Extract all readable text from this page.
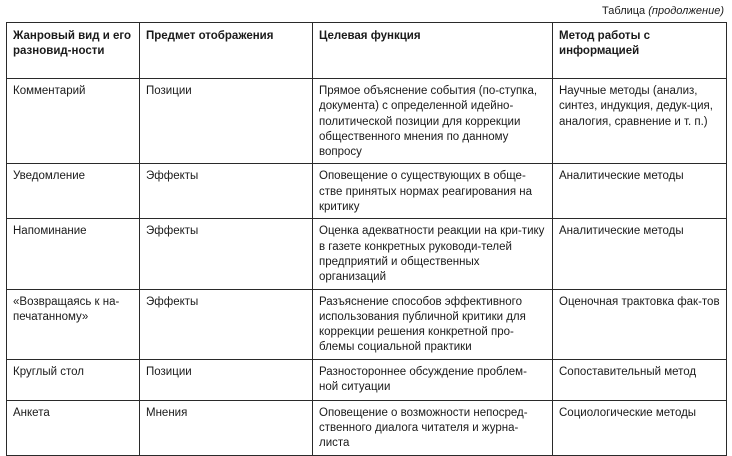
Таблица (продолжение)
Жанровый вид и его разновид-ности	Предмет отображения	Целевая функция	Метод работы с информацией
Комментарий	Позиции	Прямое объяснение события (по-ступка, документа) с определенной идейно-политической позиции для коррекции общественного мнения по данному вопросу	Научные методы (анализ, синтез, индукция, дедук-ция, аналогия, сравнение и т. п.)
Уведомление	Эффекты	Оповещение о существующих в обще-стве принятых нормах реагирования на критику	Аналитические методы
Напоминание	Эффекты	Оценка адекватности реакции на кри-тику в газете конкретных руководи-телей предприятий и общественных организаций	Аналитические методы
«Возвращаясь к на-печатанному»	Эффекты	Разъяснение способов эффективного использования публичной критики для коррекции решения конкретной про-блемы социальной практики	Оценочная трактовка фак-тов
Круглый стол	Позиции	Разностороннее обсуждение проблем-ной ситуации	Сопоставительный метод
Анкета	Мнения	Оповещение о возможности непосред-ственного диалога читателя и журна-листа	Социологические методы
